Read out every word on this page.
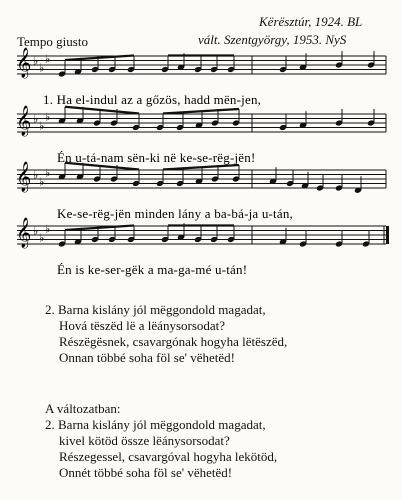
Kërësztúr, 1924. BL
vált. Szentgyörgy, 1953. NyS
Tempo giusto
𝄞 ♭
♭
♭
𝄞 ♭
♭
♭
𝄞 ♭
♭
♭
𝄞 ♭
♭
♭
1. Ha el-indul az a gőzös, hadd mën-jen,
Én u-tá-nam sën-ki në ke-se-rëg-jën!
Ke-se-rëg-jën minden lány a ba-bá-ja u-tán,
Én is ke-ser-gëk a ma-ga-mé u-tán!
2. Barna kislány jól mëggondold magadat,
Hová tëszëd lë a lëánysorsodat?
Részëgësnek, csavargónak hogyha lëtëszëd,
Onnan többé soha föl se' vëhetëd!
A változatban:
2. Barna kislány jól mëggondold magadat,
kivel kötöd össze lëánysorsodat?
Részegessel, csavargóval hogyha lekötöd,
Onnét többé soha föl se' vëhetëd!
